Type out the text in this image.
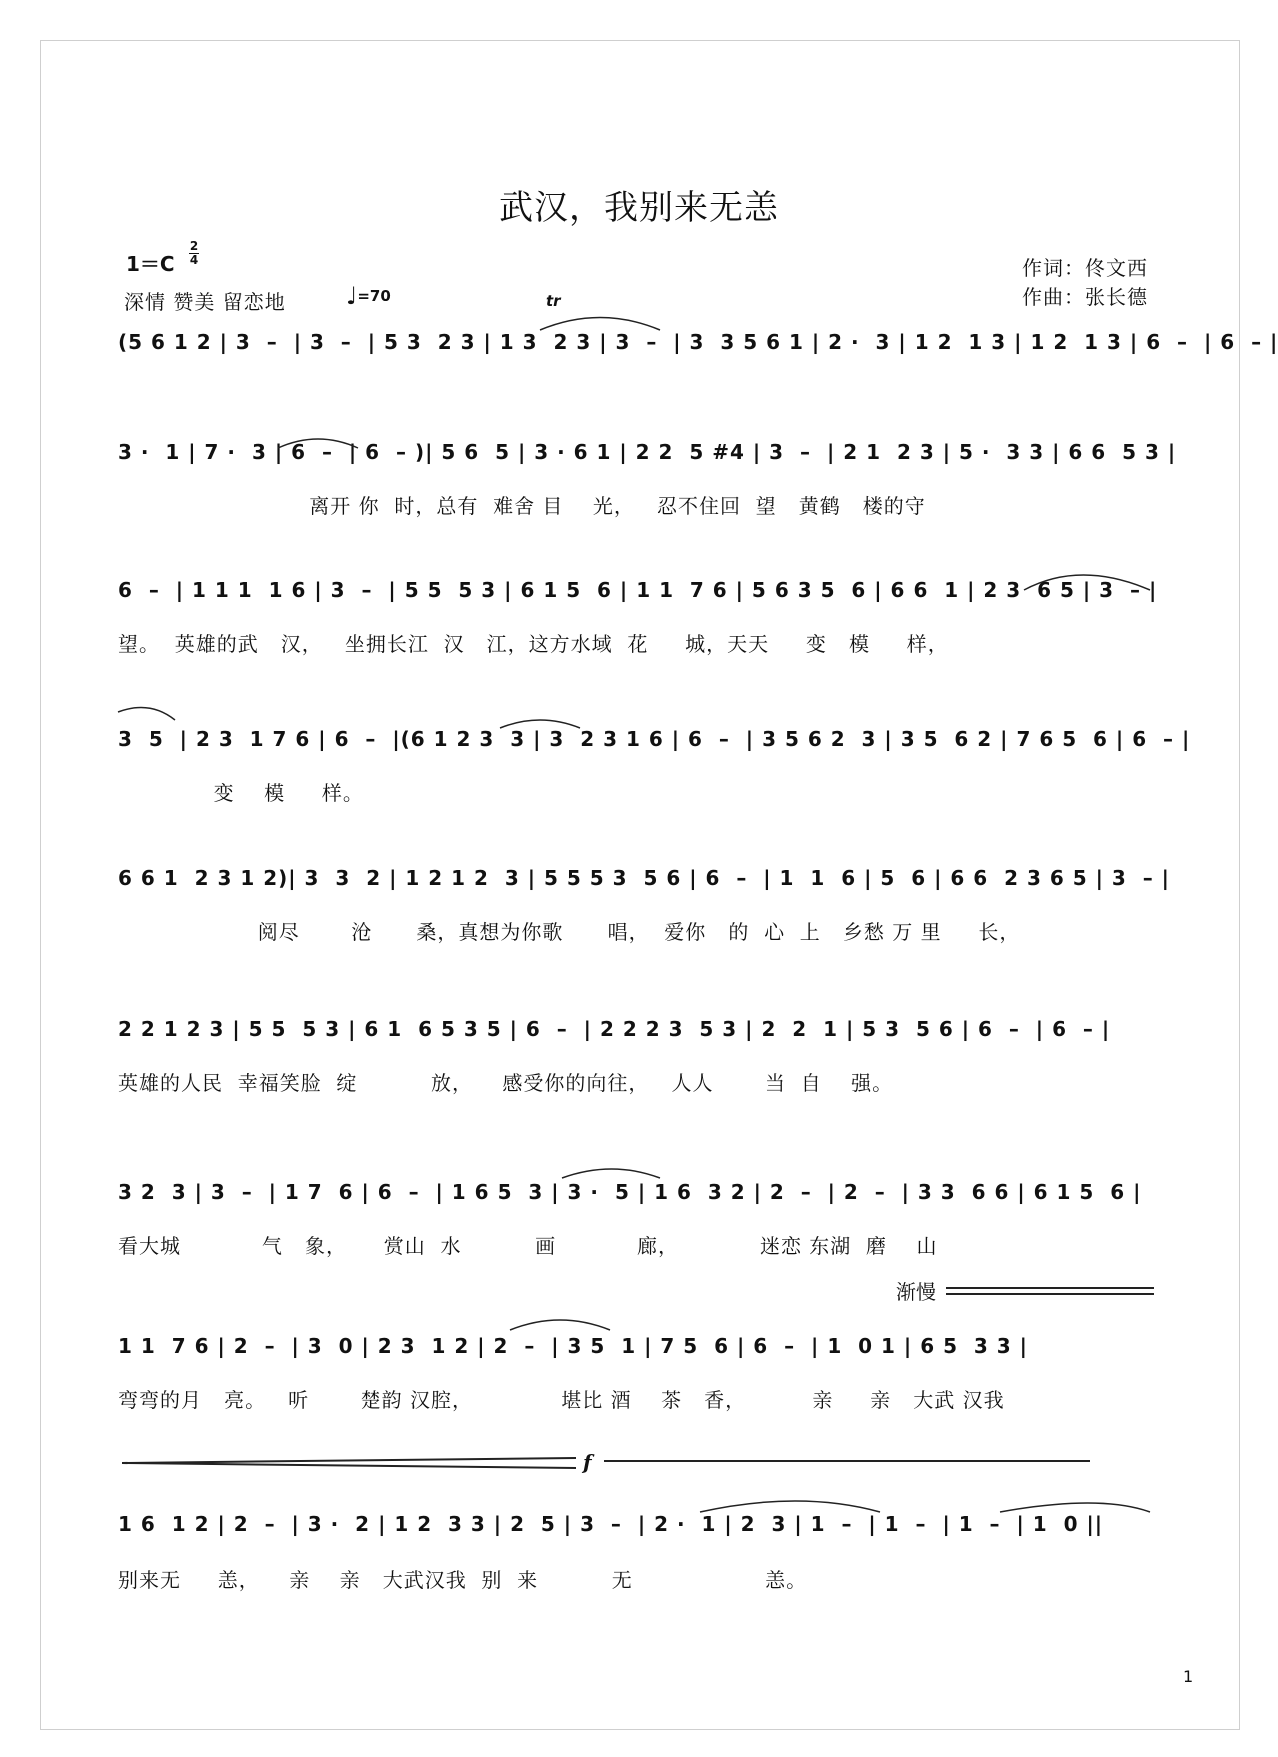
武汉，我别来无恙
1＝C
2
4
深情 赞美 留恋地	♩=70
作词：佟文西
作曲：张长德
(5 6 1 2 | 3  –  | 3  –  | 5 3  2 3 | 1 3  2 3 | 3  –  | 3  3 5 6 1 | 2 ·  3 | 1 2  1 3 | 1 2  1 3 | 6  –  | 6  – |
tr
3 ·  1 | 7 ·  3 | 6  –  | 6  – )| 5 6  5 | 3 · 6 1 | 2 2  5 #4 | 3  –  | 2 1  2 3 | 5 ·  3 3 | 6 6  5 3 |
离开 你  时，总有  难舍 目    光，   忍不住回  望   黄鹤   楼的守
6  –  | 1 1 1  1 6 | 3  –  | 5 5  5 3 | 6 1 5  6 | 1 1  7 6 | 5 6 3 5  6 | 6 6  1 | 2 3  6 5 | 3  – |
望。  英雄的武   汉，   坐拥长江  汉   江，这方水域  花     城，天天     变   模     样，
3  5  | 2 3  1 7 6 | 6  –  |(6 1 2 3  3 | 3  2 3 1 6 | 6  –  | 3 5 6 2  3 | 3 5  6 2 | 7 6 5  6 | 6  – |
变    模     样。
6 6 1  2 3 1 2)| 3  3  2 | 1 2 1 2  3 | 5 5 5 3  5 6 | 6  –  | 1  1  6 | 5  6 | 6 6  2 3 6 5 | 3  – |
阅尽       沧      桑，真想为你歌      唱，  爱你   的  心  上   乡愁 万 里     长，
2 2 1 2 3 | 5 5  5 3 | 6 1  6 5 3 5 | 6  –  | 2 2 2 3  5 3 | 2  2  1 | 5 3  5 6 | 6  –  | 6  – |
英雄的人民  幸福笑脸  绽          放，    感受你的向往，   人人       当  自    强。
3 2  3 | 3  –  | 1 7  6 | 6  –  | 1 6 5  3 | 3 ·  5 | 1 6  3 2 | 2  –  | 2  –  | 3 3  6 6 | 6 1 5  6 |
看大城           气   象，     赏山  水          画           廊，           迷恋 东湖  磨    山
渐慢
1 1  7 6 | 2  –  | 3  0 | 2 3  1 2 | 2  –  | 3 5  1 | 7 5  6 | 6  –  | 1  0 1 | 6 5  3 3 |
弯弯的月   亮。   听       楚韵 汉腔，            堪比 酒    茶   香，         亲     亲   大武 汉我
f
1 6  1 2 | 2  –  | 3 ·  2 | 1 2  3 3 | 2  5 | 3  –  | 2 ·  1 | 2  3 | 1  –  | 1  –  | 1  –  | 1  0 ||
别来无     恙，    亲    亲   大武汉我  别  来          无                  恙。
1
